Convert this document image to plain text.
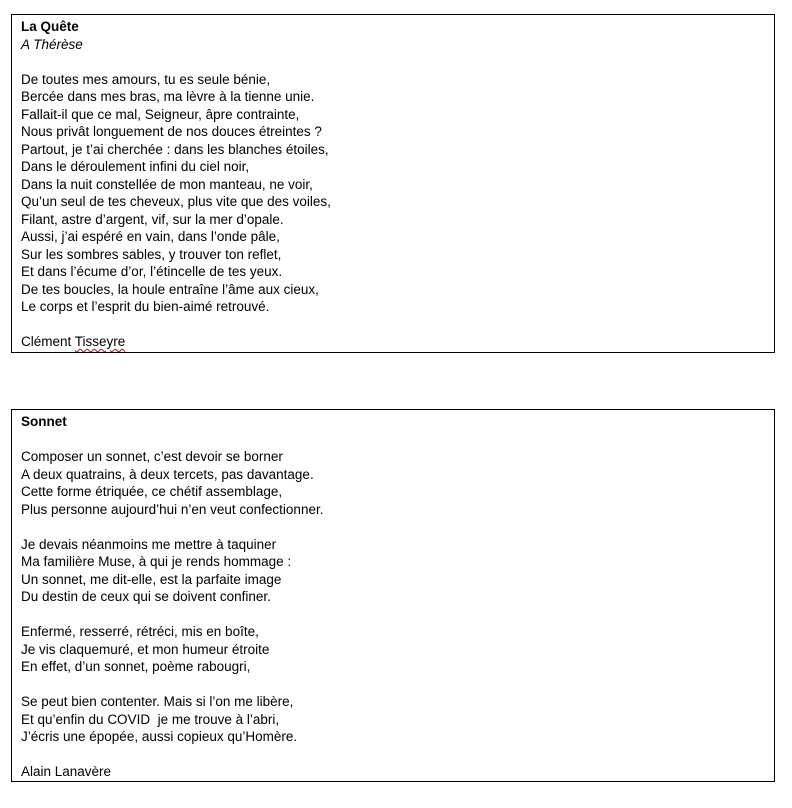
La Quête

A Thérèse

De toutes mes amours, tu es seule bénie,
Bercée dans mes bras, ma lèvre à la tienne unie.
Fallait-il que ce mal, Seigneur, âpre contrainte,
Nous privât longuement de nos douces étreintes ?
Partout, je t’ai cherchée : dans les blanches étoiles,
Dans le déroulement infini du ciel noir,
Dans la nuit constellée de mon manteau, ne voir,
Qu’un seul de tes cheveux, plus vite que des voiles,
Filant, astre d’argent, vif, sur la mer d’opale.
Aussi, j’ai espéré en vain, dans l’onde pâle,
Sur les sombres sables, y trouver ton reflet,
Et dans l’écume d’or, l’étincelle de tes yeux.
De tes boucles, la houle entraîne l’âme aux cieux,
Le corps et l’esprit du bien-aimé retrouvé.

Clément Tisseyre

Sonnet
Composer un sonnet, c’est devoir se borner
A deux quatrains, à deux tercets, pas davantage.
Cette forme étriquée, ce chétif assemblage,
Plus personne aujourd’hui n’en veut confectionner.
Je devais néanmoins me mettre à taquiner
Ma familière Muse, à qui je rends hommage :
Un sonnet, me dit-elle, est la parfaite image
Du destin de ceux qui se doivent confiner.
Enfermé, resserré, rétréci, mis en boîte,
Je vis claquemuré, et mon humeur étroite
En effet, d’un sonnet, poème rabougri,
Se peut bien contenter. Mais si l’on me libère,
Et qu’enfin du COVID  je me trouve à l’abri,
J’écris une épopée, aussi copieux qu’Homère.

Alain Lanavère
